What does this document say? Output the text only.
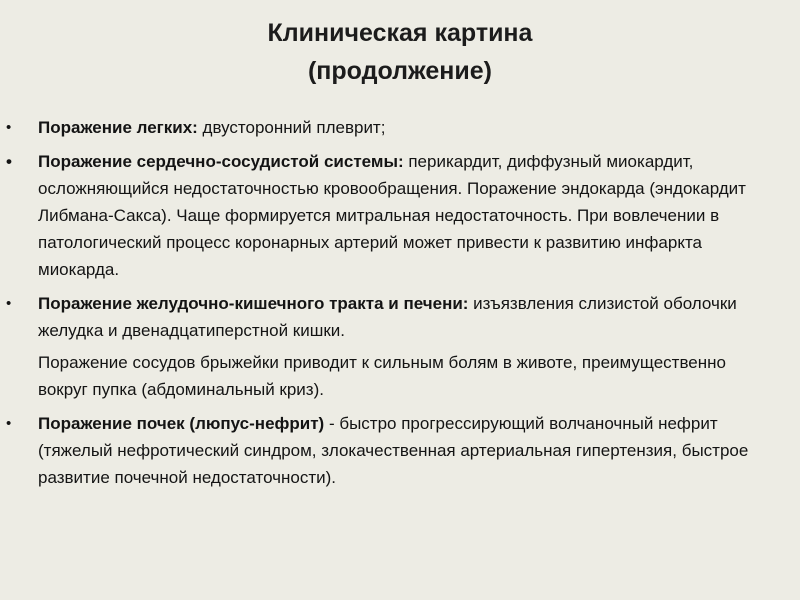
Клиническая картина
(продолжение)
•	Поражение легких: двусторонний плеврит;
•	Поражение сердечно-сосудистой системы: перикардит, диффузный миокардит, осложняющийся недостаточностью кровообращения. Поражение эндокарда (эндокардит Либмана-Сакса). Чаще формируется митральная недостаточность. При вовлечении в патологический процесс коронарных артерий может привести к развитию инфаркта миокарда.
•	Поражение желудочно-кишечного тракта и печени: изъязвления слизистой оболочки желудка и двенадцатиперстной кишки.
Поражение сосудов брыжейки приводит к сильным болям в животе, преимущественно вокруг пупка (абдоминальный криз).
•	Поражение почек (люпус-нефрит) - быстро прогрессирующий волчаночный нефрит (тяжелый нефротический синдром, злокачественная артериальная гипертензия, быстрое развитие почечной недостаточности).
